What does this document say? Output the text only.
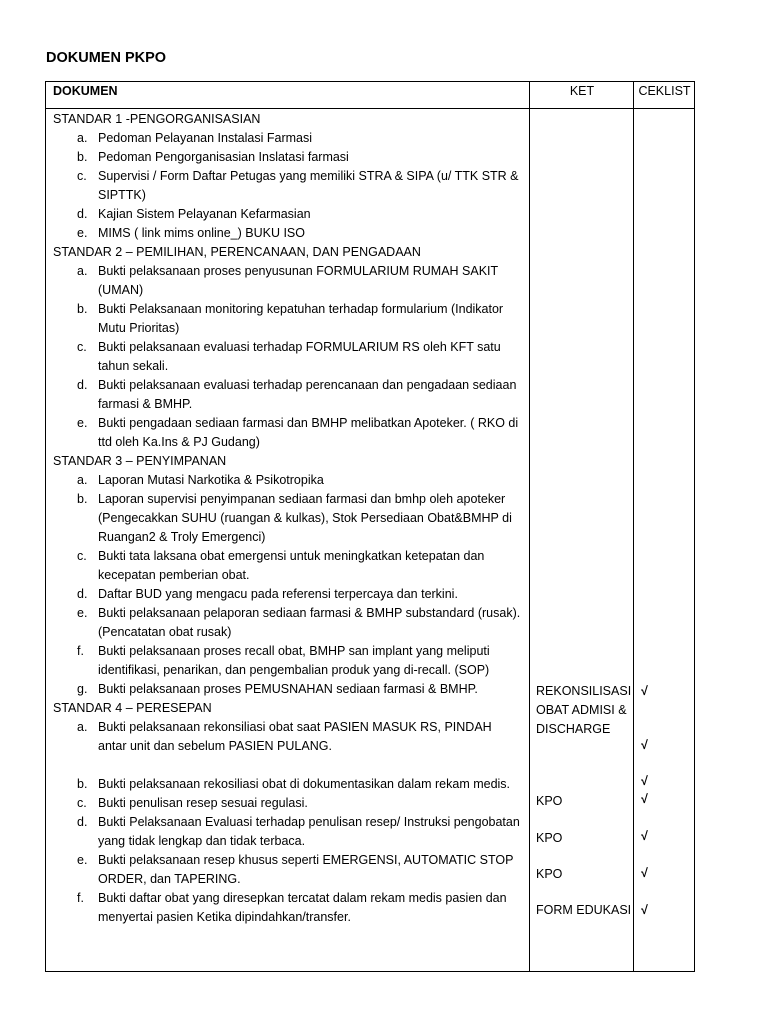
DOKUMEN PKPO
DOKUMEN	KET	CEKLIST
STANDAR 1 -PENGORGANISASIAN
a. Pedoman Pelayanan Instalasi Farmasi
b. Pedoman Pengorganisasian Inslatasi farmasi
c. Supervisi / Form Daftar Petugas yang memiliki STRA & SIPA (u/ TTK STR & SIPTTK)
d. Kajian Sistem Pelayanan Kefarmasian
e. MIMS ( link mims online_) BUKU ISO
STANDAR 2 – PEMILIHAN, PERENCANAAN, DAN PENGADAAN
a. Bukti pelaksanaan proses penyusunan FORMULARIUM RUMAH SAKIT (UMAN)
b. Bukti Pelaksanaan monitoring kepatuhan terhadap formularium (Indikator Mutu Prioritas)
c. Bukti pelaksanaan evaluasi terhadap FORMULARIUM RS oleh KFT satu tahun sekali.
d. Bukti pelaksanaan evaluasi terhadap perencanaan dan pengadaan sediaan farmasi & BMHP.
e. Bukti pengadaan sediaan farmasi dan BMHP melibatkan Apoteker. ( RKO di ttd oleh Ka.Ins & PJ Gudang)
STANDAR 3 – PENYIMPANAN
a. Laporan Mutasi Narkotika & Psikotropika
b. Laporan supervisi penyimpanan sediaan farmasi dan bmhp oleh apoteker (Pengecakkan SUHU (ruangan & kulkas), Stok Persediaan Obat&BMHP di Ruangan2 & Troly Emergenci)
c. Bukti tata laksana obat emergensi untuk meningkatkan ketepatan dan kecepatan pemberian obat.
d. Daftar BUD yang mengacu pada referensi terpercaya dan terkini.
e. Bukti pelaksanaan pelaporan sediaan farmasi & BMHP substandard (rusak). (Pencatatan obat rusak)
f. Bukti pelaksanaan proses recall obat, BMHP san implant yang meliputi identifikasi, penarikan, dan pengembalian produk yang di-recall. (SOP)
g. Bukti pelaksanaan proses PEMUSNAHAN sediaan farmasi & BMHP.
STANDAR 4 – PERESEPAN
a. Bukti pelaksanaan rekonsiliasi obat saat PASIEN MASUK RS, PINDAH antar unit dan sebelum PASIEN PULANG.
b. Bukti pelaksanaan rekosiliasi obat di dokumentasikan dalam rekam medis.
c. Bukti penulisan resep sesuai regulasi.
d. Bukti Pelaksanaan Evaluasi terhadap penulisan resep/ Instruksi pengobatan yang tidak lengkap dan tidak terbaca.
e. Bukti pelaksanaan resep khusus seperti EMERGENSI, AUTOMATIC STOP ORDER, dan TAPERING.
f. Bukti daftar obat yang diresepkan tercatat dalam rekam medis pasien dan menyertai pasien Ketika dipindahkan/transfer.
REKONSILISASI OBAT ADMISI & DISCHARGE
KPO
KPO
KPO
FORM EDUKASI
√
√
√
√
√
√
√
